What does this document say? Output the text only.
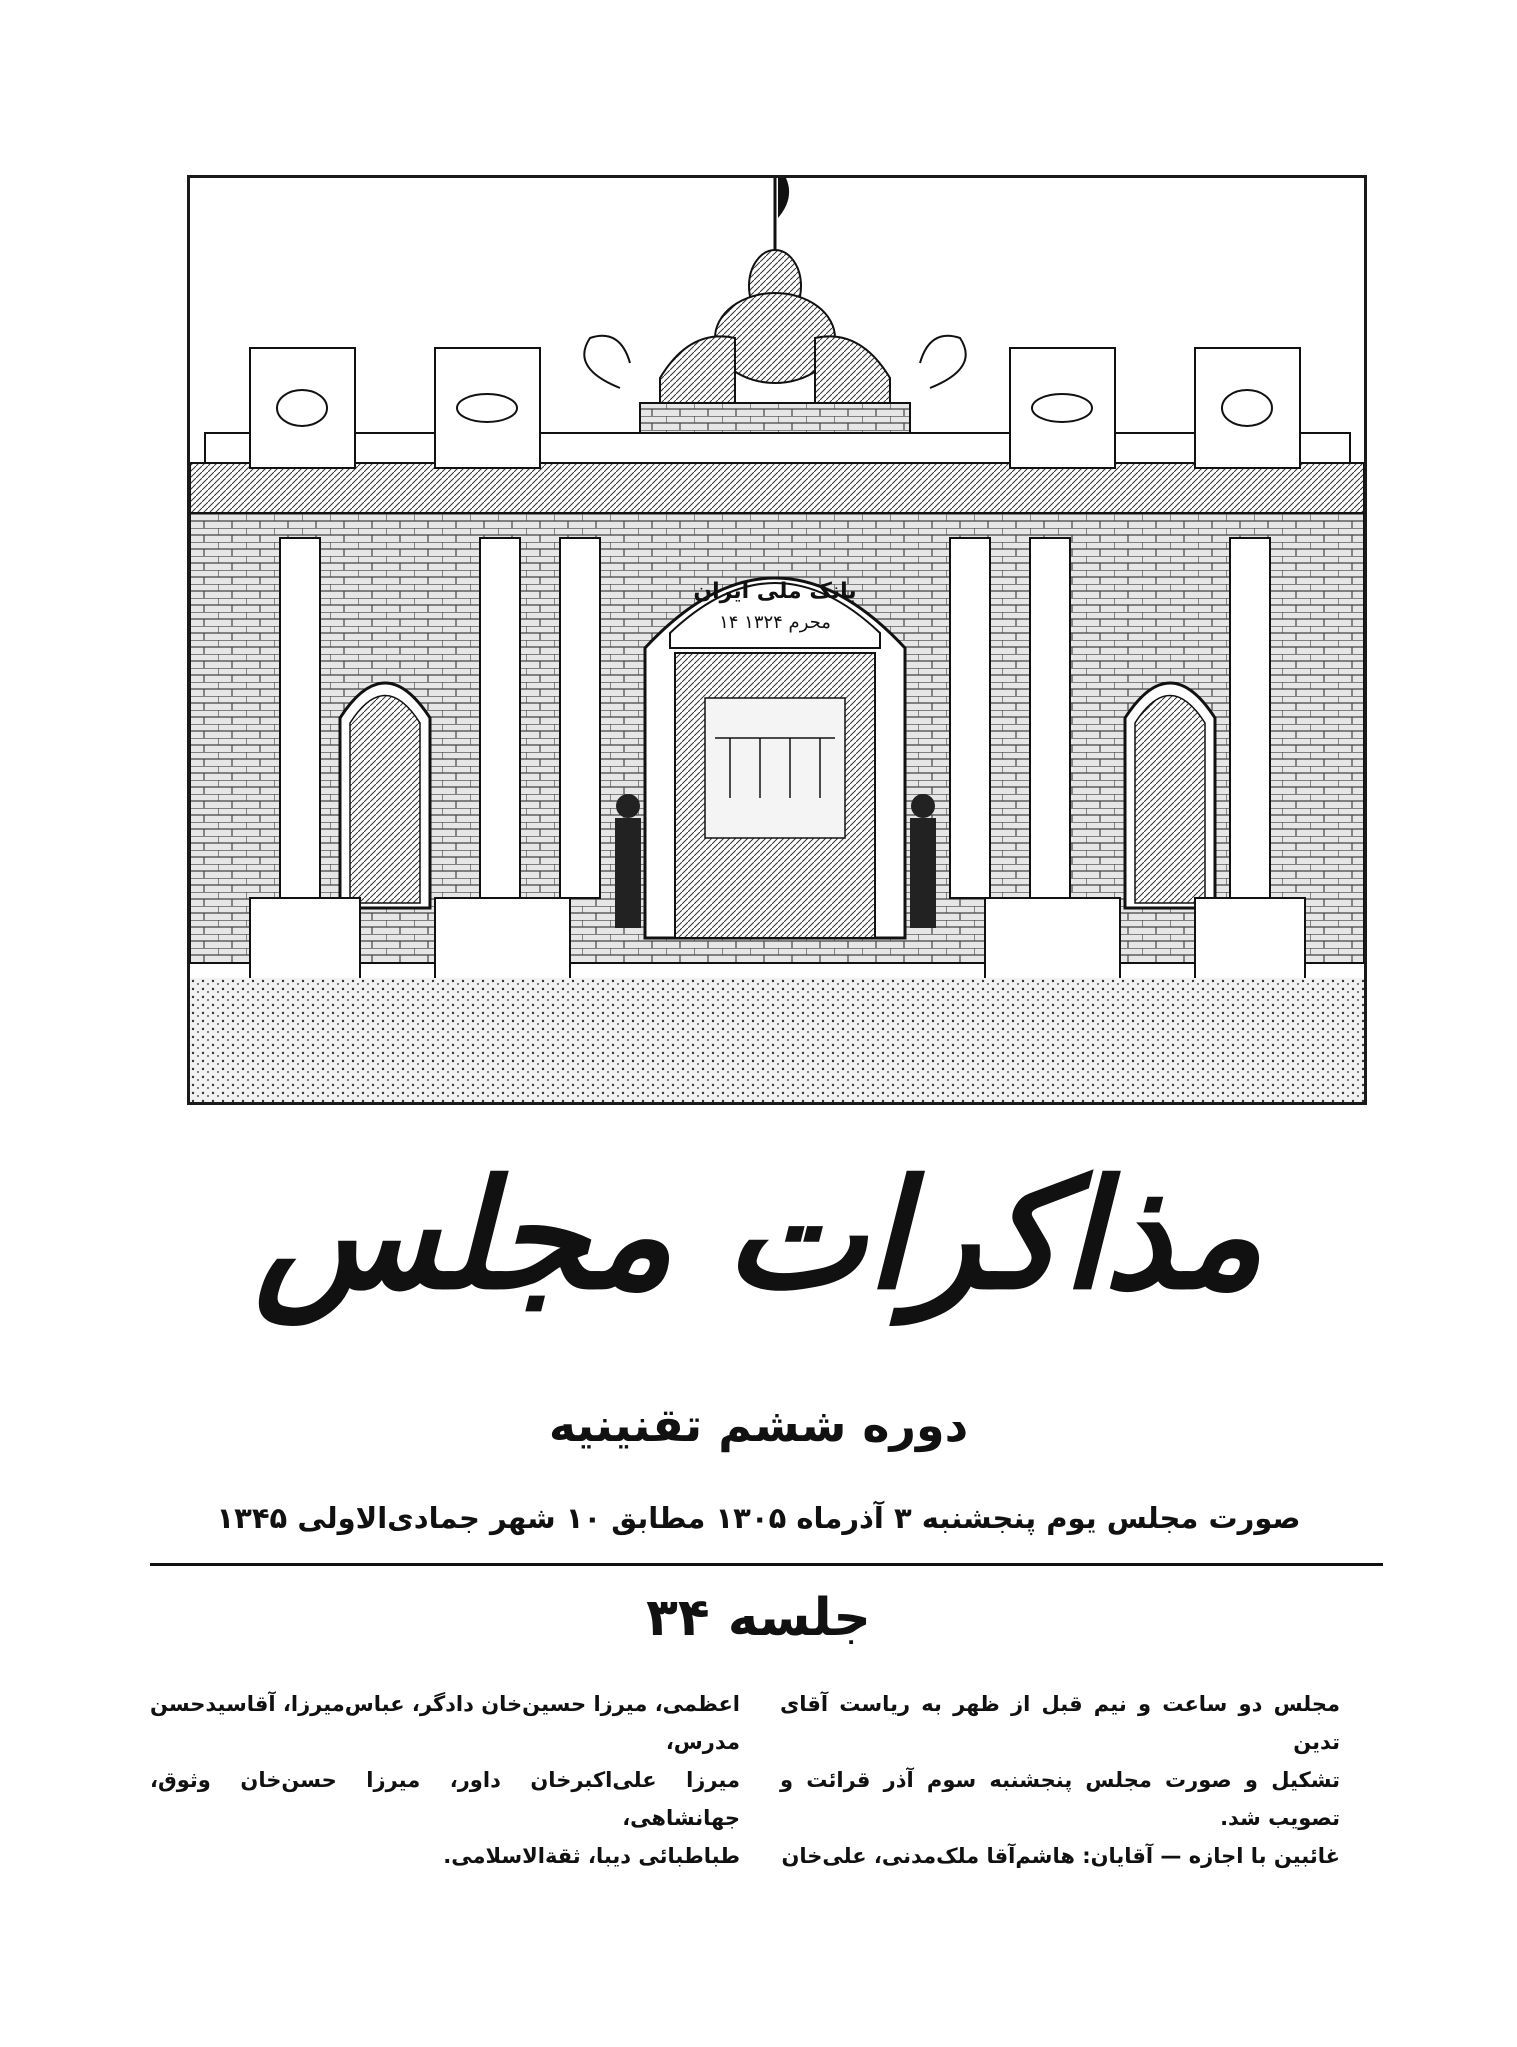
بانک ملی ایران
۱۴ محرم ۱۳۲۴
مذاکرات مجلس
دوره ششم تقنینیه
صورت مجلس یوم پنجشنبه ۳ آذرماه ۱۳۰۵ مطابق ۱۰ شهر جمادی‌الاولی ۱۳۴۵
جلسه ۳۴

مجلس دو ساعت و نیم قبل از ظهر به ریاست آقای تدین

تشکیل و صورت مجلس پنجشنبه سوم آذر قرائت و تصویب شد.

غائبین با اجازه — آقایان: هاشم‌آقا ملک‌مدنی، علی‌خان

اعظمی، میرزا حسین‌خان دادگر، عباس‌میرزا، آقاسیدحسن مدرس،

میرزا علی‌اکبرخان داور، میرزا حسن‌خان وثوق، جهانشاهی،

طباطبائی دیبا، ثقةالاسلامی.
